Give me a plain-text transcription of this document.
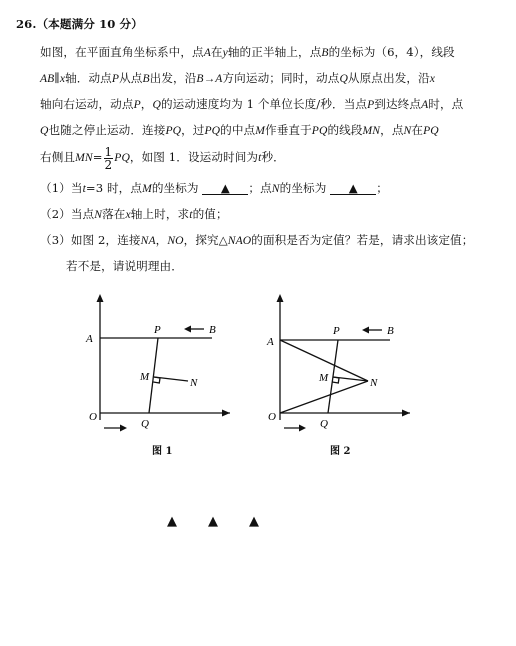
26.（本题满分 10 分）
如图，在平面直角坐标系中，点A在y轴的正半轴上，点B的坐标为（6，4），线段
AB∥x轴．动点P从点B出发，沿B→A方向运动；同时，动点Q从原点出发，沿x
轴向右运动，动点P，Q的运动速度均为 1 个单位长度/秒．当点P到达终点A时，点
Q也随之停止运动．连接PQ，过PQ的中点M作垂直于PQ的线段MN，点N在PQ
右侧且$MN= \frac{1}{2}$ PQ，如图 1．设运动时间为t秒．
（1）当t=3 时，点M的坐标为 ▲ ；点N的坐标为 ▲ ；
（2）当点N落在x轴上时，求t的值；
（3）如图 2，连接NA，NO，探究△NAO的面积是否为定值？若是，请求出该定值；
若不是，请说明理由．
A
P	B
M	N
O
Q
图 1
A
P	B
M	N
O
Q
图 2
▲ ▲ ▲
